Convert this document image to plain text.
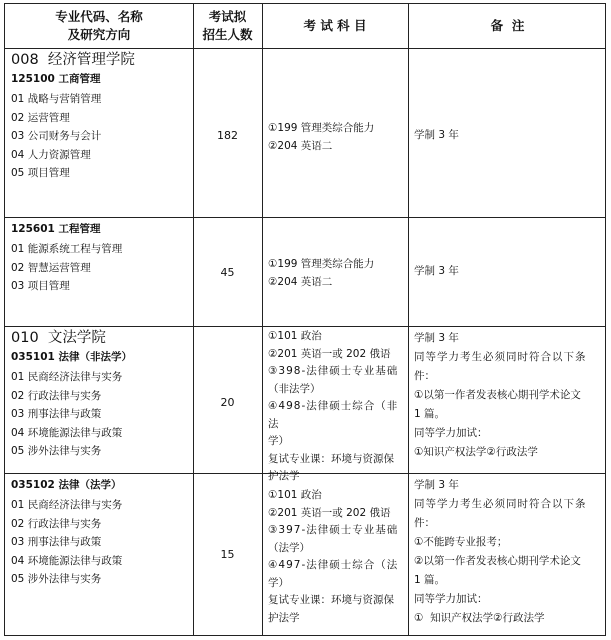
专业代码、名称
及研究方向
考试拟
招生人数
考 试 科 目	备  注
008  经济管理学院
125100 工商管理
01 战略与营销管理
02 运营管理
03 公司财务与会计
04 人力资源管理
05 项目管理
182
①199 管理类综合能力
②204 英语二
学制 3 年
125601 工程管理
01 能源系统工程与管理
02 智慧运营管理
03 项目管理
45
①199 管理类综合能力
②204 英语二
学制 3 年
010  文法学院
035101 法律（非法学）
01 民商经济法律与实务
02 行政法律与实务
03 刑事法律与政策
04 环境能源法律与政策
05 涉外法律与实务
20
①101 政治
②201 英语一或 202 俄语
③398-法律硕士专业基础
（非法学）
④498-法律硕士综合（非法
学）
复试专业课：环境与资源保
护法学
学制 3 年
同等学力考生必须同时符合以下条
件：
①以第一作者发表核心期刊学术论文
1 篇。
同等学力加试：
①知识产权法学②行政法学
035102 法律（法学）
01 民商经济法律与实务
02 行政法律与实务
03 刑事法律与政策
04 环境能源法律与政策
05 涉外法律与实务
15
①101 政治
②201 英语一或 202 俄语
③397-法律硕士专业基础
（法学）
④497-法律硕士综合（法
学）
复试专业课：环境与资源保
护法学
学制 3 年
同等学力考生必须同时符合以下条
件：
①不能跨专业报考；
②以第一作者发表核心期刊学术论文
1 篇。
同等学力加试：
①  知识产权法学②行政法学
